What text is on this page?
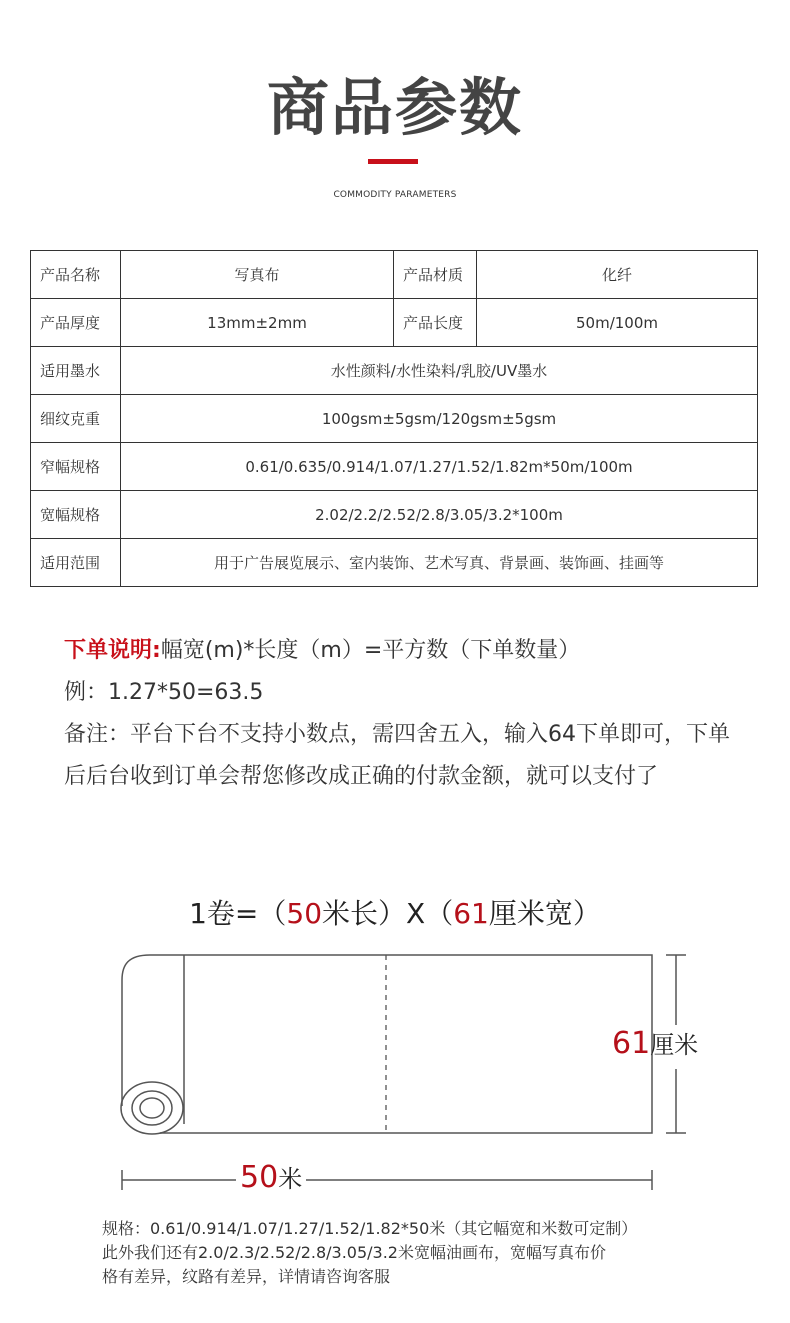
商品参数
COMMODITY PARAMETERS
产品名称	写真布	产品材质	化纤
产品厚度	13mm±2mm	产品长度	50m/100m
适用墨水	水性颜料/水性染料/乳胶/UV墨水		
细纹克重	100gsm±5gsm/120gsm±5gsm		
窄幅规格	0.61/0.635/0.914/1.07/1.27/1.52/1.82m*50m/100m		
宽幅规格	2.02/2.2/2.52/2.8/3.05/3.2*100m		
适用范围	用于广告展览展示、室内装饰、艺术写真、背景画、装饰画、挂画等		
下单说明:幅宽(m)*长度（m）=平方数（下单数量）
例：1.27*50=63.5
备注：平台下台不支持小数点，需四舍五入，输入64下单即可，下单后后台收到订单会帮您修改成正确的付款金额，就可以支付了
1卷=（50米长）X（61厘米宽）
61厘米
50米
规格：0.61/0.914/1.07/1.27/1.52/1.82*50米（其它幅宽和米数可定制）
此外我们还有2.0/2.3/2.52/2.8/3.05/3.2米宽幅油画布，宽幅写真布价
格有差异，纹路有差异，详情请咨询客服
